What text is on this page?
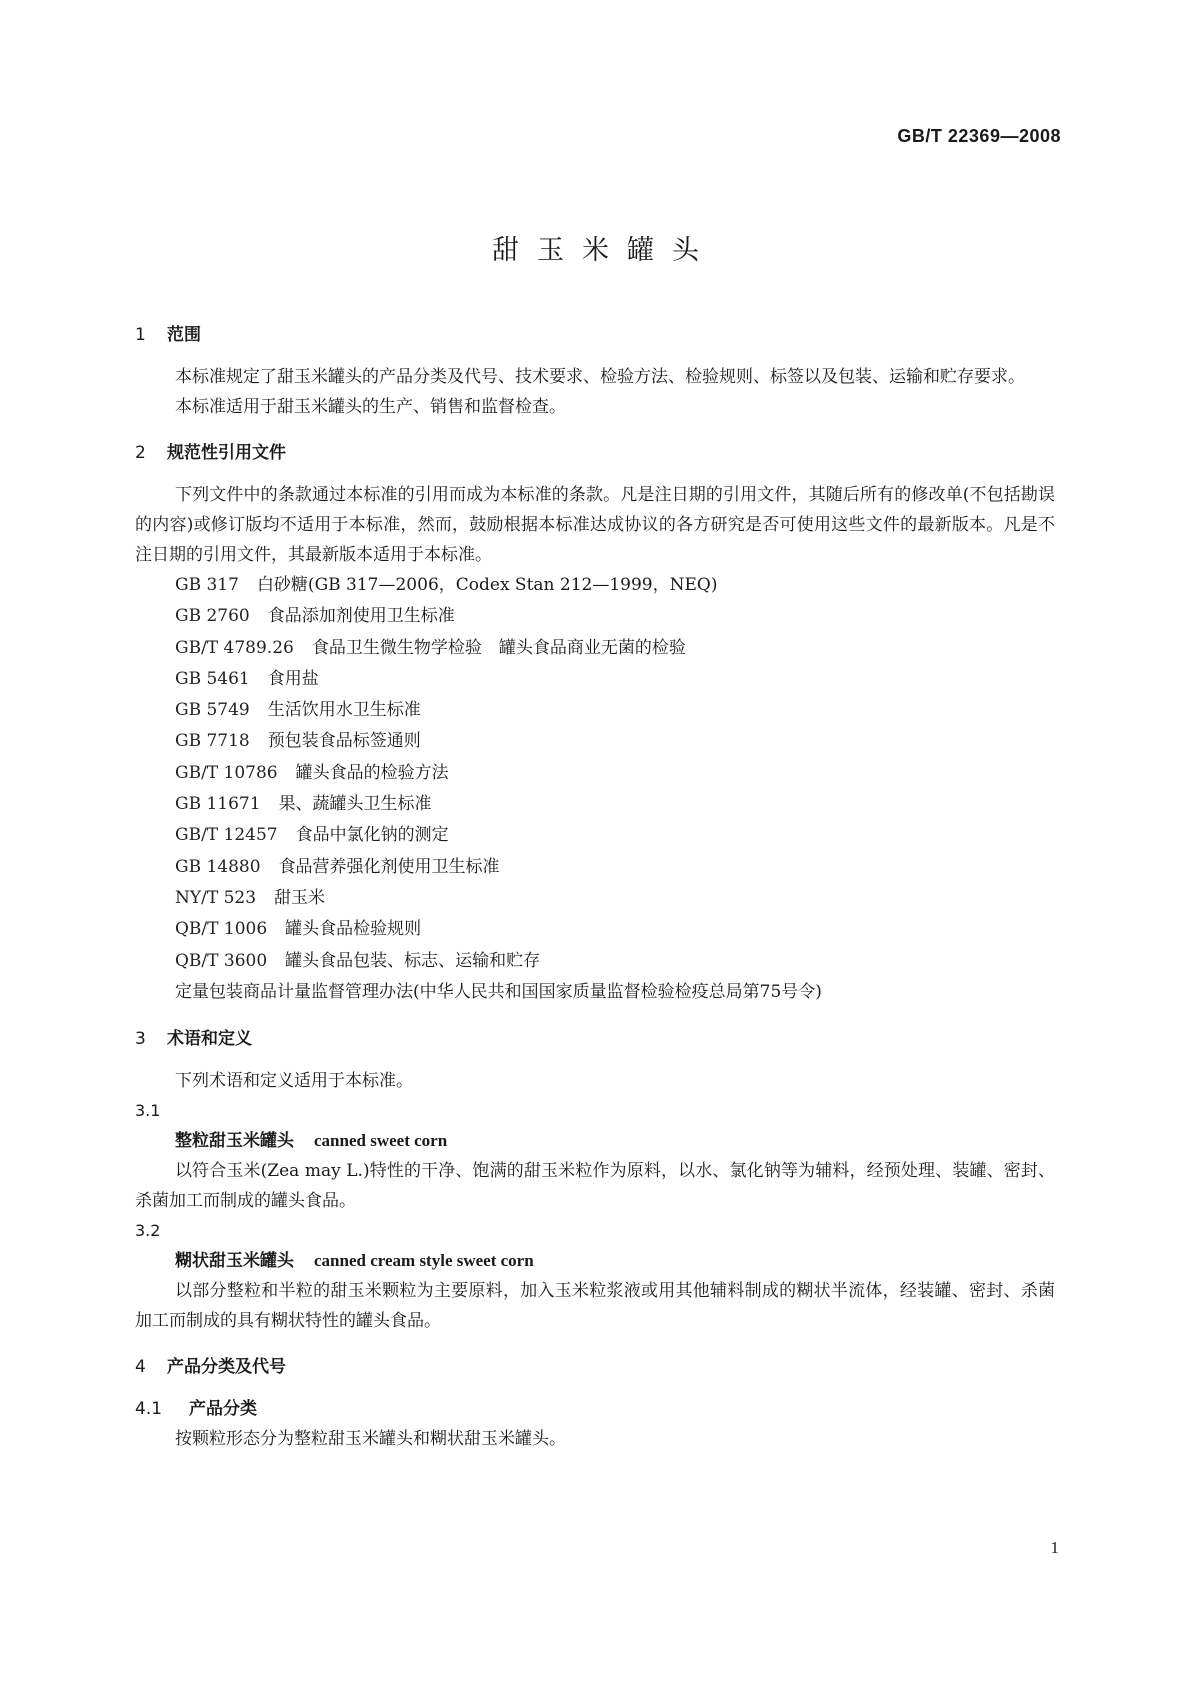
GB/T 22369—2008
甜玉米罐头
1 范围

本标准规定了甜玉米罐头的产品分类及代号、技术要求、检验方法、检验规则、标签以及包装、运输和贮存要求。

本标准适用于甜玉米罐头的生产、销售和监督检查。

2 规范性引用文件

下列文件中的条款通过本标准的引用而成为本标准的条款。凡是注日期的引用文件，其随后所有的修改单(不包括勘误的内容)或修订版均不适用于本标准，然而，鼓励根据本标准达成协议的各方研究是否可使用这些文件的最新版本。凡是不注日期的引用文件，其最新版本适用于本标准。

GB 317 白砂糖(GB 317—2006，Codex Stan 212—1999，NEQ)

GB 2760 食品添加剂使用卫生标准

GB/T 4789.26 食品卫生微生物学检验　罐头食品商业无菌的检验

GB 5461 食用盐

GB 5749 生活饮用水卫生标准

GB 7718 预包装食品标签通则

GB/T 10786 罐头食品的检验方法

GB 11671 果、蔬罐头卫生标准

GB/T 12457 食品中氯化钠的测定

GB 14880 食品营养强化剂使用卫生标准

NY/T 523 甜玉米

QB/T 1006 罐头食品检验规则

QB/T 3600 罐头食品包装、标志、运输和贮存

定量包装商品计量监督管理办法(中华人民共和国国家质量监督检验检疫总局第75号令)

3 术语和定义

下列术语和定义适用于本标准。

3.1

整粒甜玉米罐头 canned sweet corn

以符合玉米(Zea may L.)特性的干净、饱满的甜玉米粒作为原料，以水、氯化钠等为辅料，经预处理、装罐、密封、杀菌加工而制成的罐头食品。

3.2

糊状甜玉米罐头 canned cream style sweet corn

以部分整粒和半粒的甜玉米颗粒为主要原料，加入玉米粒浆液或用其他辅料制成的糊状半流体，经装罐、密封、杀菌加工而制成的具有糊状特性的罐头食品。

4 产品分类及代号
4.1 产品分类

按颗粒形态分为整粒甜玉米罐头和糊状甜玉米罐头。

1
